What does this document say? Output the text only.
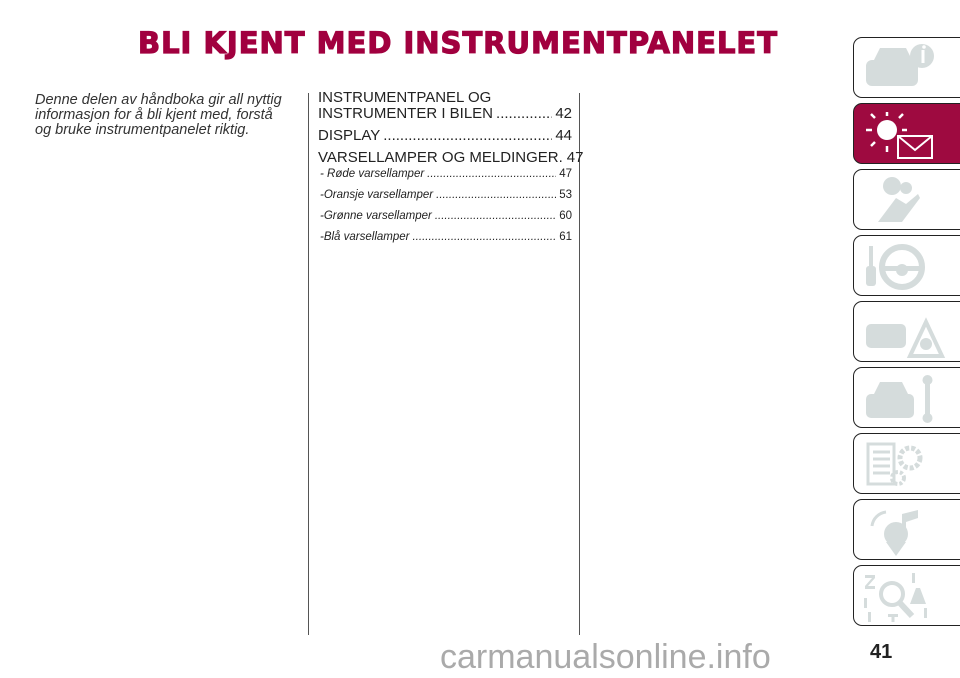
BLI KJENT MED INSTRUMENTPANELET
Denne delen av håndboka gir all nyttig informasjon for å bli kjent med, forstå og bruke instrumentpanelet riktig.
INSTRUMENTPANEL OG
INSTRUMENTER I BILEN .....	42
DISPLAY .....	44
VARSELLAMPER OG MELDINGER. 47
- Røde varsellamper .....	47
-Oransje varsellamper .....	53
-Grønne varsellamper .....	60
-Blå varsellamper .....	61
carmanualsonline.info	41
